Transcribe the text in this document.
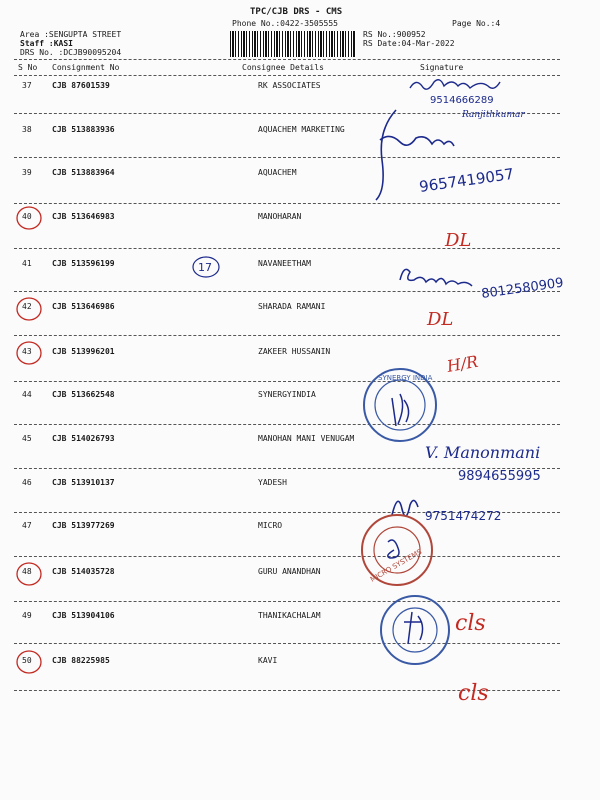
TPC/CJB DRS - CMS
Phone No.:0422-3505555	Page No.:4
Area :SENGUPTA STREET
Staff :KASI
DRS No. :DCJB90095204
RS No.:900952
RS Date:04-Mar-2022
S No Consignment No	Consignee Details	Signature
37	CJB 87601539	RK ASSOCIATES
38	CJB 513883936	AQUACHEM MARKETING
39	CJB 513883964	AQUACHEM
40	CJB 513646983	MANOHARAN
41	CJB 513596199	NAVANEETHAM
42	CJB 513646986	SHARADA RAMANI
43	CJB 513996201	ZAKEER HUSSANIN
44	CJB 513662548	SYNERGYINDIA
45	CJB 514026793	MANOHAN MANI VENUGAM
46	CJB 513910137	YADESH
47	CJB 513977269	MICRO
48	CJB 514035728	GURU ANANDHAN
49	CJB 513904106	THANIKACHALAM
50	CJB 88225985	KAVI
17
9514666289
Ranjithkumar
9657419057
DL
8012580909
DL
H/R
SYNERGY INDIA
V. Manonmani
9894655995
9751474272
MICRO SYSTEMS
cls
cls
